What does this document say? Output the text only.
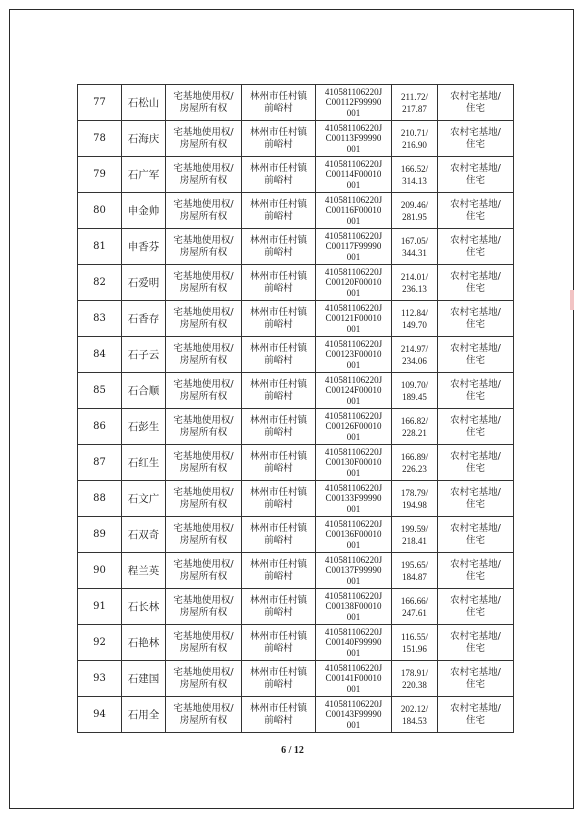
77	石松山	宅基地使用权/
房屋所有权	林州市任村镇
前峪村	410581106220J
C00112F99990
001	211.72/
217.87	农村宅基地/
住宅

78	石海庆	宅基地使用权/
房屋所有权	林州市任村镇
前峪村	410581106220J
C00113F99990
001	210.71/
216.90	农村宅基地/
住宅

79	石广军	宅基地使用权/
房屋所有权	林州市任村镇
前峪村	410581106220J
C00114F00010
001	166.52/
314.13	农村宅基地/
住宅

80	申金帅	宅基地使用权/
房屋所有权	林州市任村镇
前峪村	410581106220J
C00116F00010
001	209.46/
281.95	农村宅基地/
住宅

81	申香芬	宅基地使用权/
房屋所有权	林州市任村镇
前峪村	410581106220J
C00117F99990
001	167.05/
344.31	农村宅基地/
住宅

82	石爱明	宅基地使用权/
房屋所有权	林州市任村镇
前峪村	410581106220J
C00120F00010
001	214.01/
236.13	农村宅基地/
住宅

83	石香存	宅基地使用权/
房屋所有权	林州市任村镇
前峪村	410581106220J
C00121F00010
001	112.84/
149.70	农村宅基地/
住宅

84	石子云	宅基地使用权/
房屋所有权	林州市任村镇
前峪村	410581106220J
C00123F00010
001	214.97/
234.06	农村宅基地/
住宅

85	石合顺	宅基地使用权/
房屋所有权	林州市任村镇
前峪村	410581106220J
C00124F00010
001	109.70/
189.45	农村宅基地/
住宅

86	石彭生	宅基地使用权/
房屋所有权	林州市任村镇
前峪村	410581106220J
C00126F00010
001	166.82/
228.21	农村宅基地/
住宅

87	石红生	宅基地使用权/
房屋所有权	林州市任村镇
前峪村	410581106220J
C00130F00010
001	166.89/
226.23	农村宅基地/
住宅

88	石文广	宅基地使用权/
房屋所有权	林州市任村镇
前峪村	410581106220J
C00133F99990
001	178.79/
194.98	农村宅基地/
住宅

89	石双奇	宅基地使用权/
房屋所有权	林州市任村镇
前峪村	410581106220J
C00136F00010
001	199.59/
218.41	农村宅基地/
住宅

90	程兰英	宅基地使用权/
房屋所有权	林州市任村镇
前峪村	410581106220J
C00137F99990
001	195.65/
184.87	农村宅基地/
住宅

91	石长林	宅基地使用权/
房屋所有权	林州市任村镇
前峪村	410581106220J
C00138F00010
001	166.66/
247.61	农村宅基地/
住宅

92	石艳林	宅基地使用权/
房屋所有权	林州市任村镇
前峪村	410581106220J
C00140F99990
001	116.55/
151.96	农村宅基地/
住宅

93	石建国	宅基地使用权/
房屋所有权	林州市任村镇
前峪村	410581106220J
C00141F00010
001	178.91/
220.38	农村宅基地/
住宅

94	石用全	宅基地使用权/
房屋所有权	林州市任村镇
前峪村	410581106220J
C00143F99990
001	202.12/
184.53	农村宅基地/
住宅
6 / 12
